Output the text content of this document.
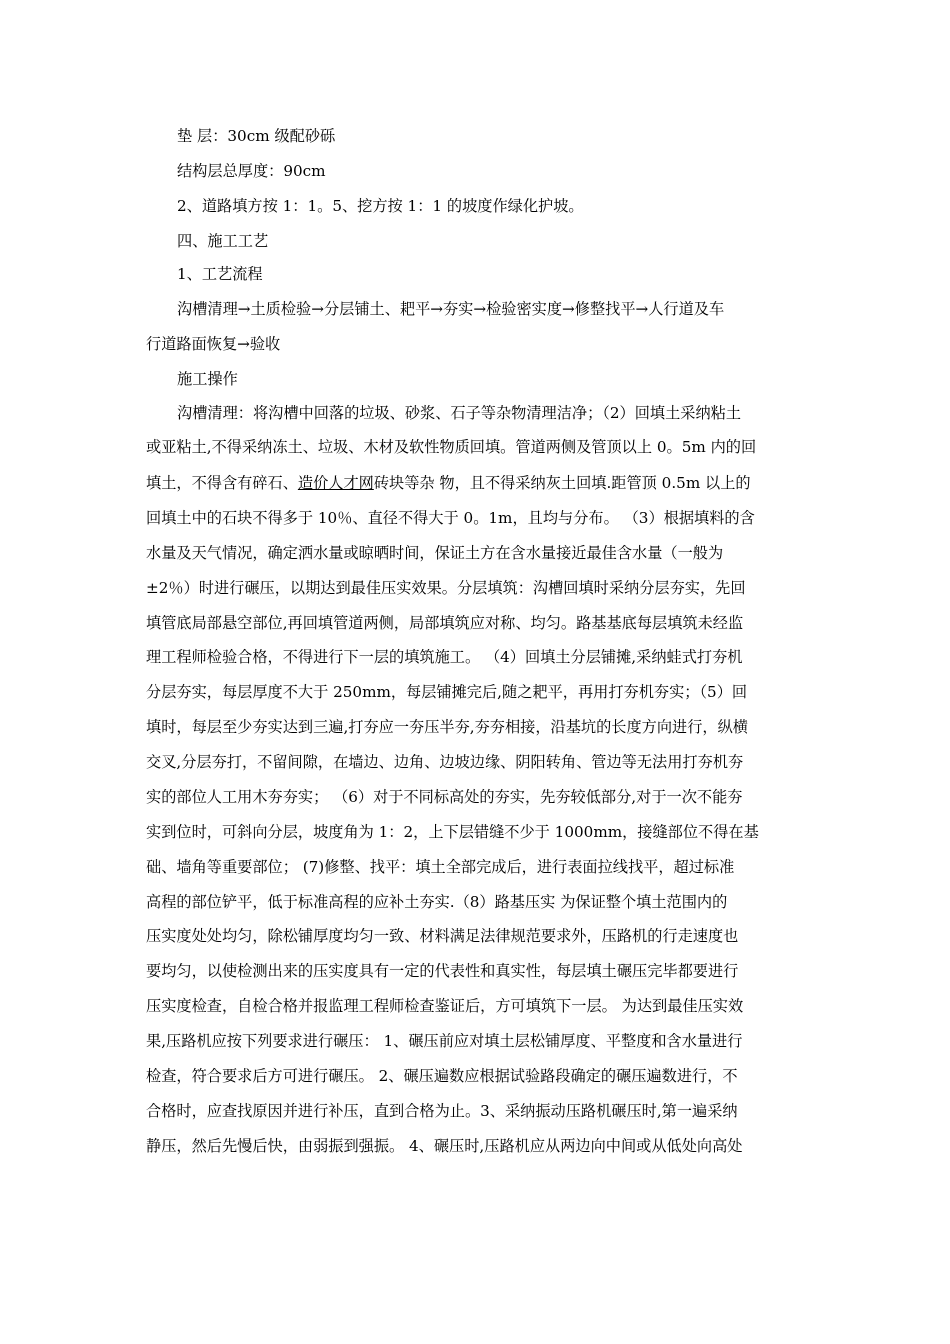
垫 层：30cm 级配砂砾
结构层总厚度：90cm
2、道路填方按 1：1。5、挖方按 1：1 的坡度作绿化护坡。
四、施工工艺
1、工艺流程
沟槽清理→土质检验→分层铺土、耙平→夯实→检验密实度→修整找平→人行道及车
行道路面恢复→验收
施工操作
沟槽清理：将沟槽中回落的垃圾、砂浆、石子等杂物清理洁净；（2）回填土采纳粘土
或亚粘土,不得采纳冻土、垃圾、木材及软性物质回填。管道两侧及管顶以上 0。5m 内的回
填土，不得含有碎石、造价人才网砖块等杂 物，且不得采纳灰土回填.距管顶 0.5m 以上的
回填土中的石块不得多于 10％、直径不得大于 0。1m，且均与分布。 （3）根据填料的含
水量及天气情况，确定洒水量或晾晒时间，保证土方在含水量接近最佳含水量（一般为
±2％）时进行碾压，以期达到最佳压实效果。分层填筑：沟槽回填时采纳分层夯实，先回
填管底局部悬空部位,再回填管道两侧，局部填筑应对称、均匀。路基基底每层填筑未经监
理工程师检验合格，不得进行下一层的填筑施工。 （4）回填土分层铺摊,采纳蛙式打夯机
分层夯实，每层厚度不大于 250mm，每层铺摊完后,随之耙平，再用打夯机夯实；（5）回
填时，每层至少夯实达到三遍,打夯应一夯压半夯,夯夯相接，沿基坑的长度方向进行，纵横
交叉,分层夯打，不留间隙，在墙边、边角、边坡边缘、阴阳转角、管边等无法用打夯机夯
实的部位人工用木夯夯实； （6）对于不同标高处的夯实，先夯较低部分,对于一次不能夯
实到位时，可斜向分层，坡度角为 1：2，上下层错缝不少于 1000mm，接缝部位不得在基
础、墙角等重要部位； (7)修整、找平：填土全部完成后，进行表面拉线找平，超过标准
高程的部位铲平，低于标准高程的应补土夯实.（8）路基压实 为保证整个填土范围内的
压实度处处均匀，除松铺厚度均匀一致、材料满足法律规范要求外，压路机的行走速度也
要均匀，以使检测出来的压实度具有一定的代表性和真实性，每层填土碾压完毕都要进行
压实度检查，自检合格并报监理工程师检查鉴证后，方可填筑下一层。 为达到最佳压实效
果,压路机应按下列要求进行碾压： 1、碾压前应对填土层松铺厚度、平整度和含水量进行
检查，符合要求后方可进行碾压。 2、碾压遍数应根据试验路段确定的碾压遍数进行，不
合格时，应查找原因并进行补压，直到合格为止。3、采纳振动压路机碾压时,第一遍采纳
静压，然后先慢后快，由弱振到强振。 4、碾压时,压路机应从两边向中间或从低处向高处
